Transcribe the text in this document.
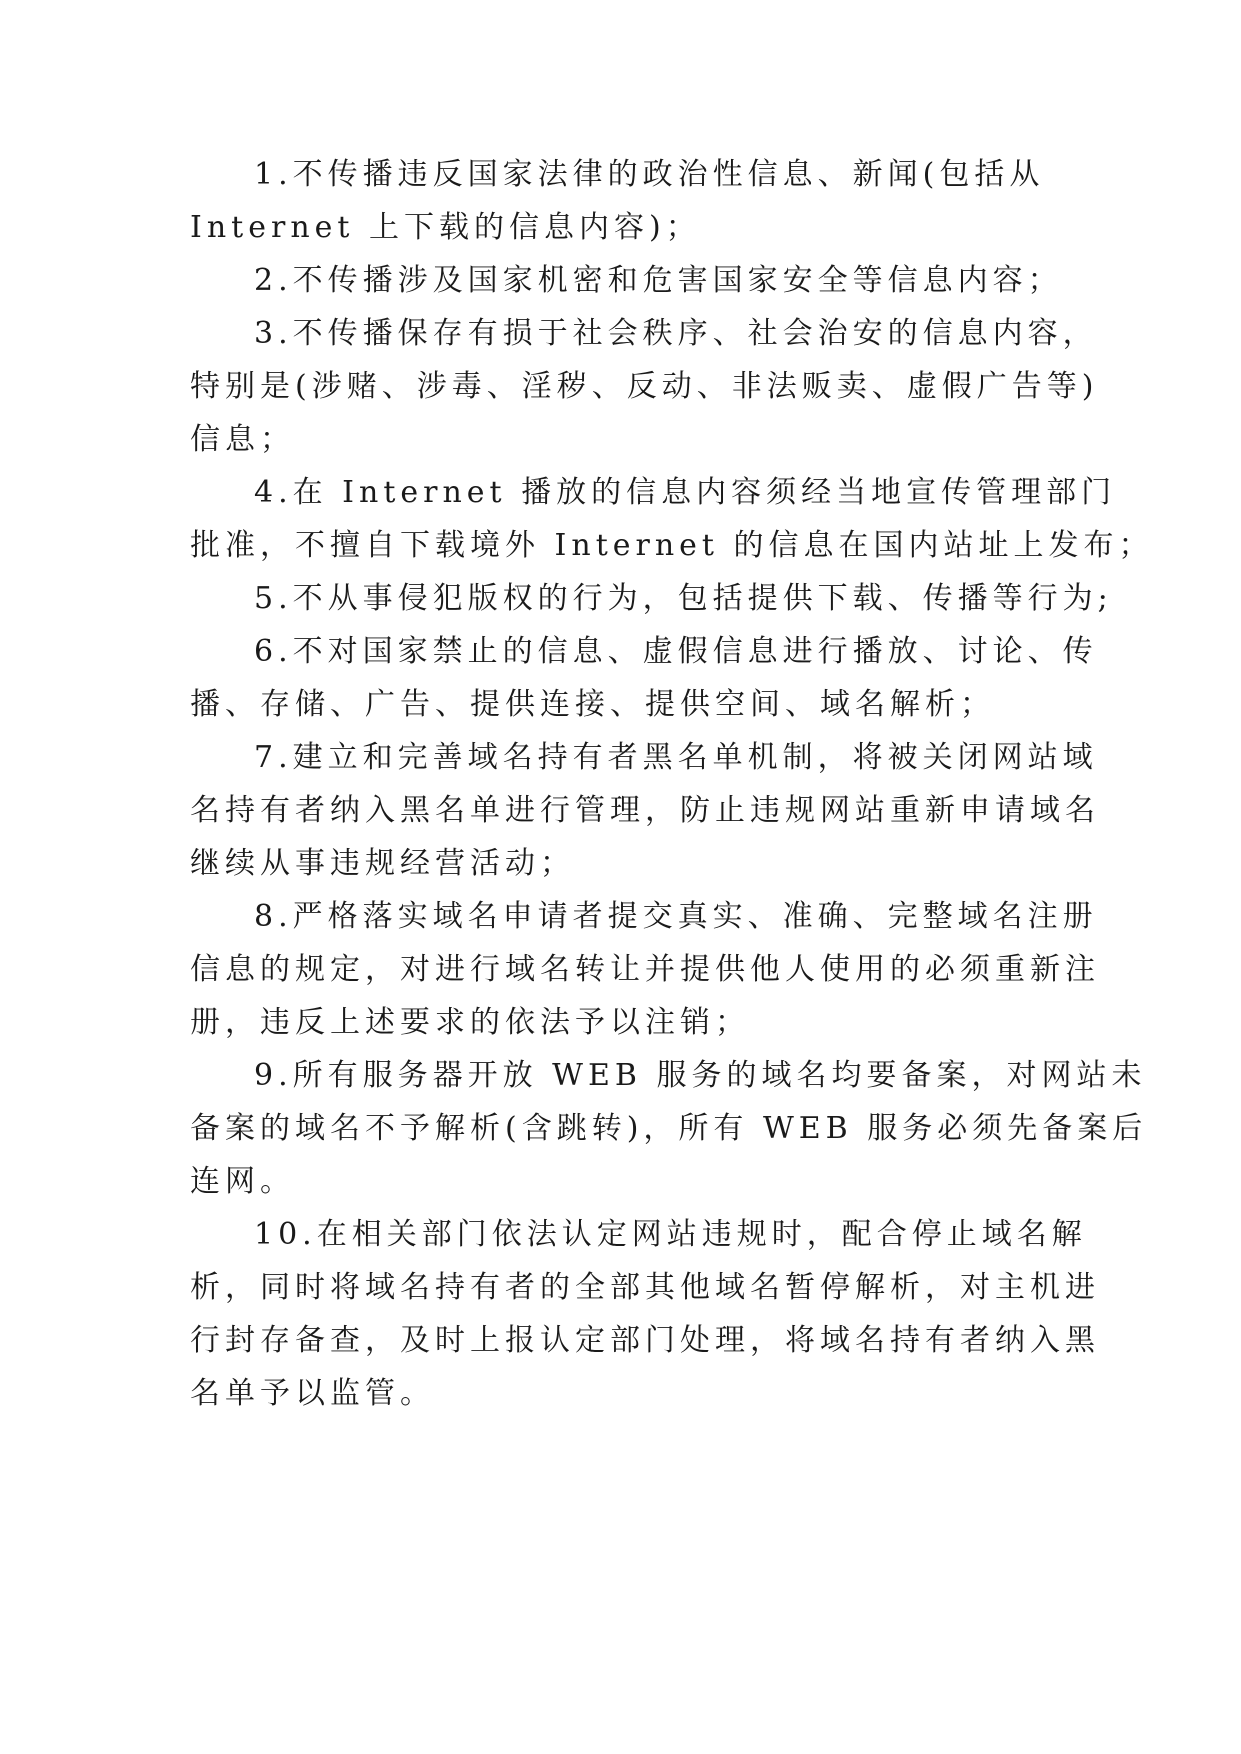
1.不传播违反国家法律的政治性信息、新闻(包括从
Internet 上下载的信息内容)；
2.不传播涉及国家机密和危害国家安全等信息内容；
3.不传播保存有损于社会秩序、社会治安的信息内容，
特别是(涉赌、涉毒、淫秽、反动、非法贩卖、虚假广告等)
信息；
4.在 Internet 播放的信息内容须经当地宣传管理部门
批准，不擅自下载境外 Internet 的信息在国内站址上发布；
5.不从事侵犯版权的行为，包括提供下载、传播等行为;
6.不对国家禁止的信息、虚假信息进行播放、讨论、传
播、存储、广告、提供连接、提供空间、域名解析；
7.建立和完善域名持有者黑名单机制，将被关闭网站域
名持有者纳入黑名单进行管理，防止违规网站重新申请域名
继续从事违规经营活动；
8.严格落实域名申请者提交真实、准确、完整域名注册
信息的规定，对进行域名转让并提供他人使用的必须重新注
册，违反上述要求的依法予以注销；
9.所有服务器开放 WEB 服务的域名均要备案，对网站未
备案的域名不予解析(含跳转)，所有 WEB 服务必须先备案后
连网。
10.在相关部门依法认定网站违规时，配合停止域名解
析，同时将域名持有者的全部其他域名暂停解析，对主机进
行封存备查，及时上报认定部门处理，将域名持有者纳入黑
名单予以监管。
